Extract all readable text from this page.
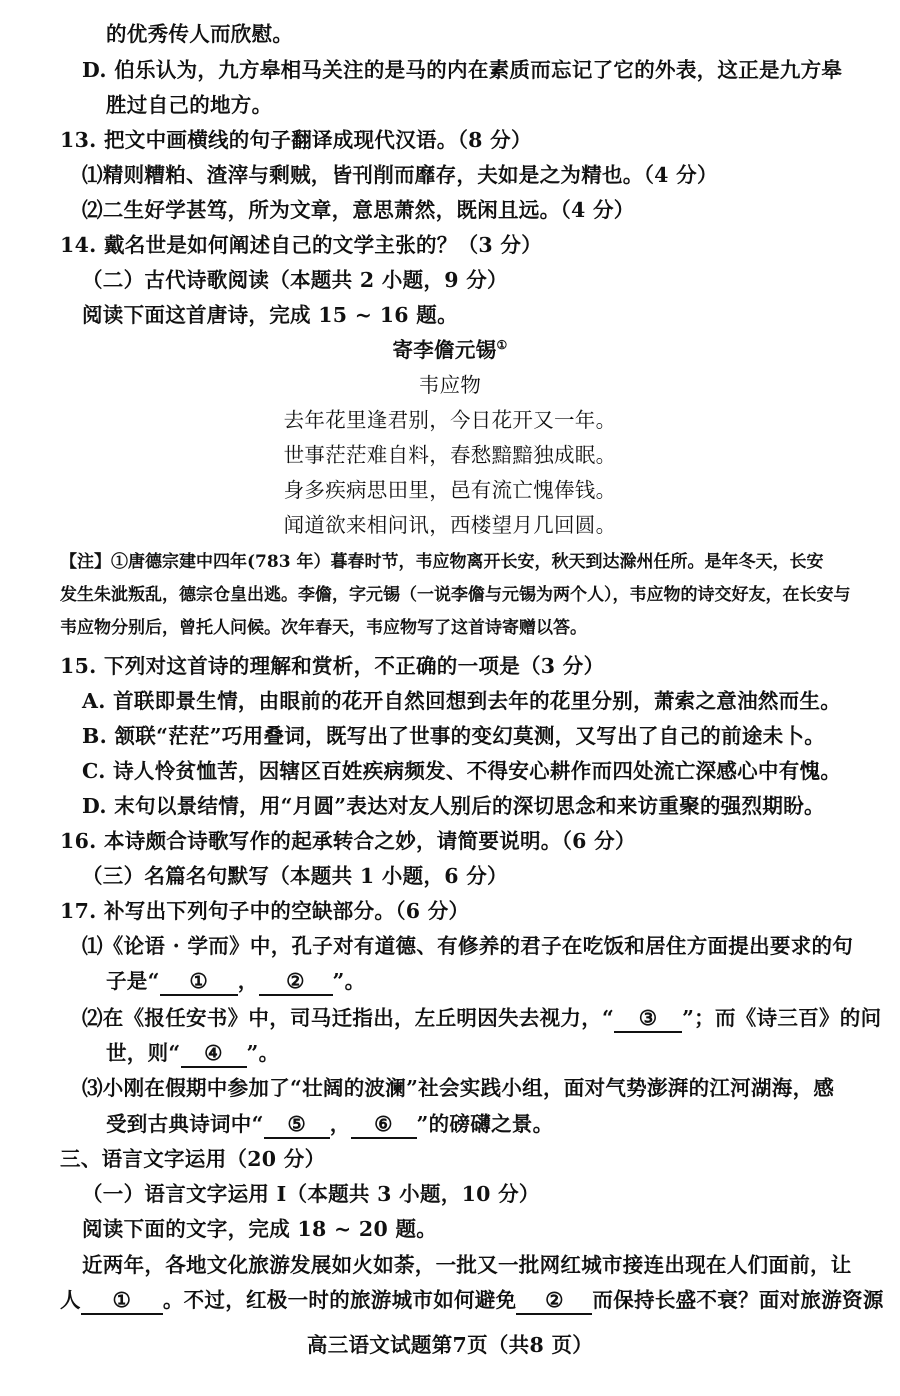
的优秀传人而欣慰。
D. 伯乐认为，九方皋相马关注的是马的内在素质而忘记了它的外表，这正是九方皋
胜过自己的地方。
13. 把文中画横线的句子翻译成现代汉语。（8 分）
⑴精则糟粕、渣滓与剩贼，皆刊削而靡存，夫如是之为精也。（4 分）
⑵二生好学甚笃，所为文章，意思萧然，既闲且远。（4 分）
14. 戴名世是如何阐述自己的文学主张的？（3 分）
（二）古代诗歌阅读（本题共 2 小题，9 分）
阅读下面这首唐诗，完成 15 ~ 16 题。
寄李儋元锡①
韦应物
去年花里逢君别，今日花开又一年。
世事茫茫难自料，春愁黯黯独成眠。
身多疾病思田里，邑有流亡愧俸钱。
闻道欲来相问讯，西楼望月几回圆。
【注】①唐德宗建中四年(783 年）暮春时节，韦应物离开长安，秋天到达滁州任所。是年冬天，长安
发生朱泚叛乱，德宗仓皇出逃。李儋，字元锡（一说李儋与元锡为两个人），韦应物的诗交好友，在长安与
韦应物分别后，曾托人问候。次年春天，韦应物写了这首诗寄赠以答。
15. 下列对这首诗的理解和赏析，不正确的一项是（3 分）
A. 首联即景生情，由眼前的花开自然回想到去年的花里分别，萧索之意油然而生。
B. 颔联“茫茫”巧用叠词，既写出了世事的变幻莫测，又写出了自己的前途未卜。
C. 诗人怜贫恤苦，因辖区百姓疾病频发、不得安心耕作而四处流亡深感心中有愧。
D. 末句以景结情，用“月圆”表达对友人别后的深切思念和来访重聚的强烈期盼。
16. 本诗颇合诗歌写作的起承转合之妙，请简要说明。（6 分）
（三）名篇名句默写（本题共 1 小题，6 分）
17. 补写出下列句子中的空缺部分。（6 分）
⑴《论语 · 学而》中，孔子对有道德、有修养的君子在吃饭和居住方面提出要求的句
子是“ ① ， ② ”。
⑵在《报任安书》中，司马迁指出，左丘明因失去视力，“ ③ ”；而《诗三百》的问
世，则“ ④ ”。
⑶小刚在假期中参加了“壮阔的波澜”社会实践小组，面对气势澎湃的江河湖海，感
受到古典诗词中“ ⑤ ， ⑥ ”的磅礴之景。
三、语言文字运用（20 分）
（一）语言文字运用 Ⅰ（本题共 3 小题，10 分）
阅读下面的文字，完成 18 ~ 20 题。
近两年，各地文化旅游发展如火如荼，一批又一批网红城市接连出现在人们面前，让
人 ① 。不过，红极一时的旅游城市如何避免 ② 而保持长盛不衰？面对旅游资源
高三语文试题第7页（共8 页）
